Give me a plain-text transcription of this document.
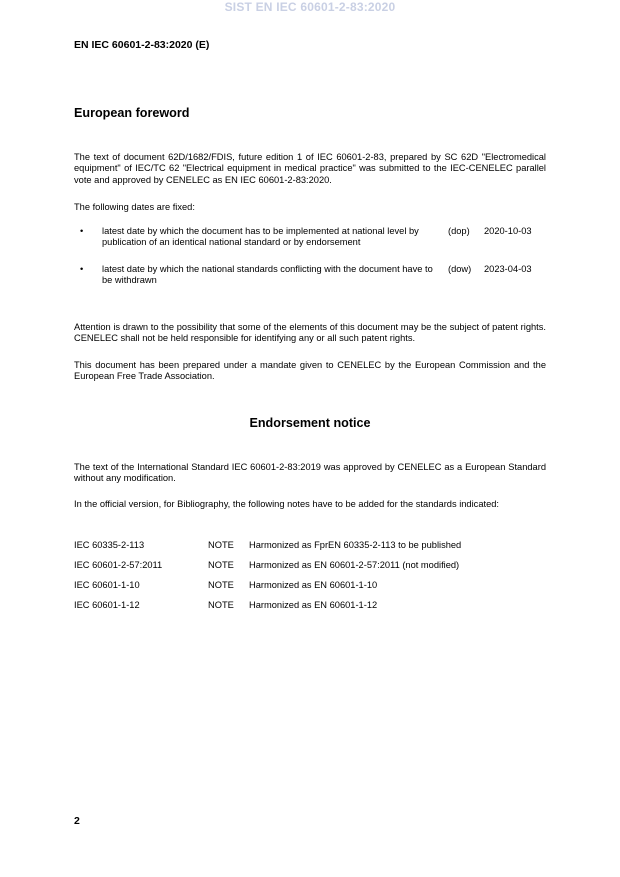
SIST EN IEC 60601-2-83:2020
EN IEC 60601-2-83:2020 (E)
European foreword
The text of document 62D/1682/FDIS, future edition 1 of IEC 60601-2-83, prepared by SC 62D "Electromedical equipment" of IEC/TC 62 "Electrical equipment in medical practice" was submitted to the IEC-CENELEC parallel vote and approved by CENELEC as EN IEC 60601-2-83:2020.
The following dates are fixed:
• latest date by which the document has to be implemented at national level by publication of an identical national standard or by endorsement
(dop) 2020-10-03
• latest date by which the national standards conflicting with the document have to be withdrawn
(dow) 2023-04-03
Attention is drawn to the possibility that some of the elements of this document may be the subject of patent rights. CENELEC shall not be held responsible for identifying any or all such patent rights.
This document has been prepared under a mandate given to CENELEC by the European Commission and the European Free Trade Association.
Endorsement notice
The text of the International Standard IEC 60601-2-83:2019 was approved by CENELEC as a European Standard without any modification.
In the official version, for Bibliography, the following notes have to be added for the standards indicated:
IEC 60335-2-113	NOTE Harmonized as FprEN 60335-2-113 to be published
IEC 60601-2-57:2011	NOTE Harmonized as EN 60601-2-57:2011 (not modified)
IEC 60601-1-10	NOTE Harmonized as EN 60601-1-10
IEC 60601-1-12	NOTE Harmonized as EN 60601-1-12
2
